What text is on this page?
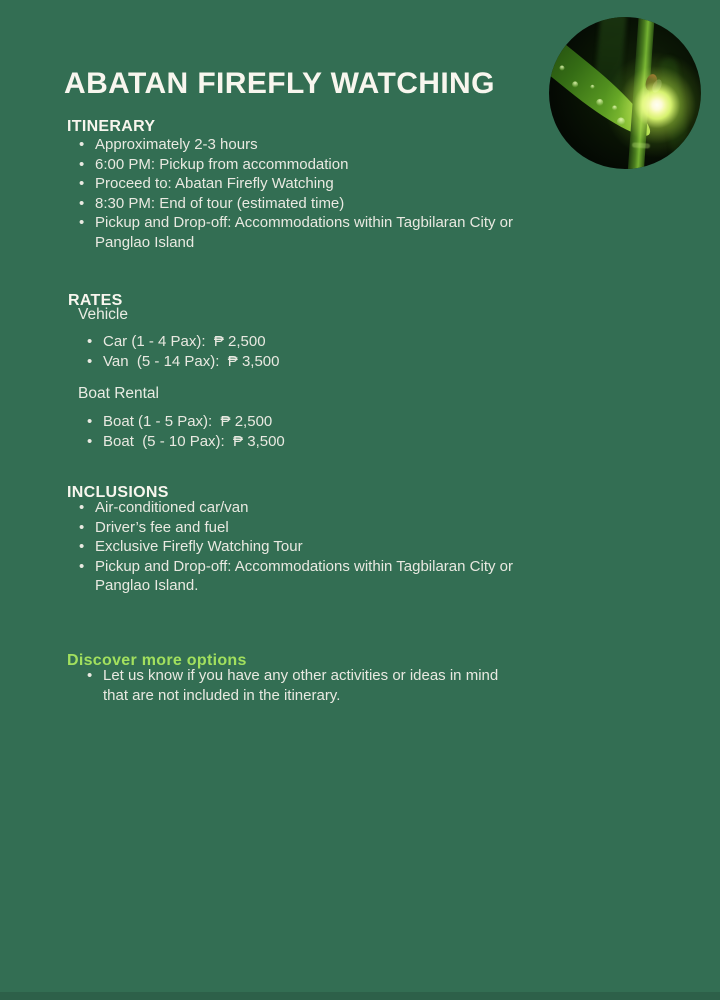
ABATAN FIREFLY WATCHING
ITINERARY
• Approximately 2-3 hours
• 6:00 PM: Pickup from accommodation
• Proceed to: Abatan Firefly Watching
• 8:30 PM: End of tour (estimated time)
• Pickup and Drop-off: Accommodations within Tagbilaran City or Panglao Island
RATES
Vehicle
• Car (1 - 4 Pax):  ₱ 2,500
• Van  (5 - 14 Pax):  ₱ 3,500
Boat Rental
• Boat (1 - 5 Pax):  ₱ 2,500
• Boat  (5 - 10 Pax):  ₱ 3,500
INCLUSIONS
• Air-conditioned car/van
• Driver’s fee and fuel
• Exclusive Firefly Watching Tour
• Pickup and Drop-off: Accommodations within Tagbilaran City or Panglao Island.
Discover more options
• Let us know if you have any other activities or ideas in mind that are not included in the itinerary.
